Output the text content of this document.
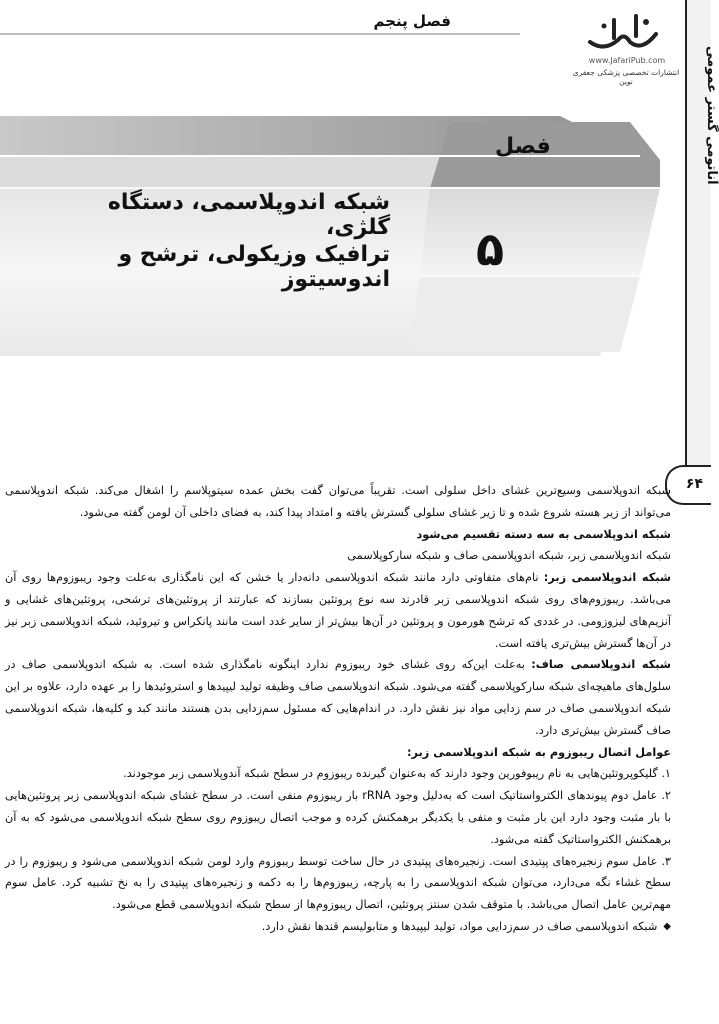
فصل پنجم
آناتومی گستر عمومی
جعفری
www.JafariPub.com
انتشارات تخصصی پزشکی جعفری نوین
فصل
۵
شبکه اندوپلاسمی، دستگاه گلژی،
ترافیک وزیکولی، ترشح و اندوسیتوز
۶۴

شبکه اندوپلاسمی وسیع‌ترین غشای داخل سلولی است. تقریباً می‌توان گفت بخش عمده سیتوپلاسم را اشغال می‌کند. شبکه اندوپلاسمی می‌تواند از زیر هسته شروع شده و تا زیر غشای سلولی گسترش یافته و امتداد پیدا کند، به فضای داخلی آن لومن گفته می‌شود.

شبکه اندوپلاسمی به سه دسته تقسیم می‌شود

شبکه اندوپلاسمی زبر، شبکه اندوپلاسمی صاف و شبکه سارکوپلاسمی

شبکه اندوپلاسمی زبر: نام‌های متفاوتی دارد مانند شبکه اندوپلاسمی دانه‌دار یا خشن که این نامگذاری به‌علت وجود ریبوزوم‌ها روی آن می‌باشد. ریبوزوم‌های روی شبکه اندوپلاسمی زبر قادرند سه نوع پروتئین بسازند که عبارتند از پروتئین‌های ترشحی، پروتئین‌های غشایی و آنزیم‌های لیزوزومی. در غددی که ترشح هورمون و پروتئین در آن‌ها بیش‌تر از سایر غدد است مانند پانکراس و تیروئید، شبکه اندوپلاسمی زبر نیز در آن‌ها گسترش بیش‌تری یافته است.

شبکه اندوپلاسمی صاف: به‌علت این‌که روی غشای خود ریبوزوم ندارد اینگونه نامگذاری شده است. به شبکه اندوپلاسمی صاف در سلول‌های ماهیچه‌ای شبکه سارکوپلاسمی گفته می‌شود. شبکه اندوپلاسمی صاف وظیفه تولید لیپیدها و استروئیدها را بر عهده دارد، علاوه بر این شبکه اندوپلاسمی صاف در سم زدایی مواد نیز نقش دارد. در اندام‌هایی که مسئول سم‌زدایی بدن هستند مانند کبد و کلیه‌ها، شبکه اندوپلاسمی صاف گسترش بیش‌تری دارد.

عوامل اتصال ریبوزوم به شبکه اندوپلاسمی زبر:

۱. گلیکوپروتئین‌هایی به نام ریبوفورین وجود دارند که به‌عنوان گیرنده ریبوزوم در سطح شبکه آندوپلاسمی زبر موجودند.
۲. عامل دوم پیوندهای الکترواستاتیک است که به‌دلیل وجود rRNA بار ریبوزوم منفی است. در سطح غشای شبکه اندوپلاسمی زبر پروتئین‌هایی با بار مثبت وجود دارد این بار مثبت و منفی با یکدیگر برهمکنش کرده و موجب اتصال ریبوزوم روی سطح شبکه اندوپلاسمی می‌شود که به آن برهمکنش الکترواستاتیک گفته می‌شود.
۳. عامل سوم زنجیره‌های پپتیدی است. زنجیره‌های پپتیدی در حال ساخت توسط ریبوزوم وارد لومن شبکه اندوپلاسمی می‌شود و ریبوزوم را در سطح غشاء نگه می‌دارد، می‌توان شبکه اندوپلاسمی را به پارچه، ریبوزوم‌ها را به دکمه و زنجیره‌های پپتیدی را به نخ تشبیه کرد. عامل سوم مهم‌ترین عامل اتصال می‌باشد. با متوقف شدن سنتز پروتئین، اتصال ریبوزوم‌ها از سطح شبکه اندوپلاسمی قطع می‌شود.
◆
شبکه اندوپلاسمی صاف در سم‌زدایی مواد، تولید لیپیدها و متابولیسم قندها نقش دارد.
